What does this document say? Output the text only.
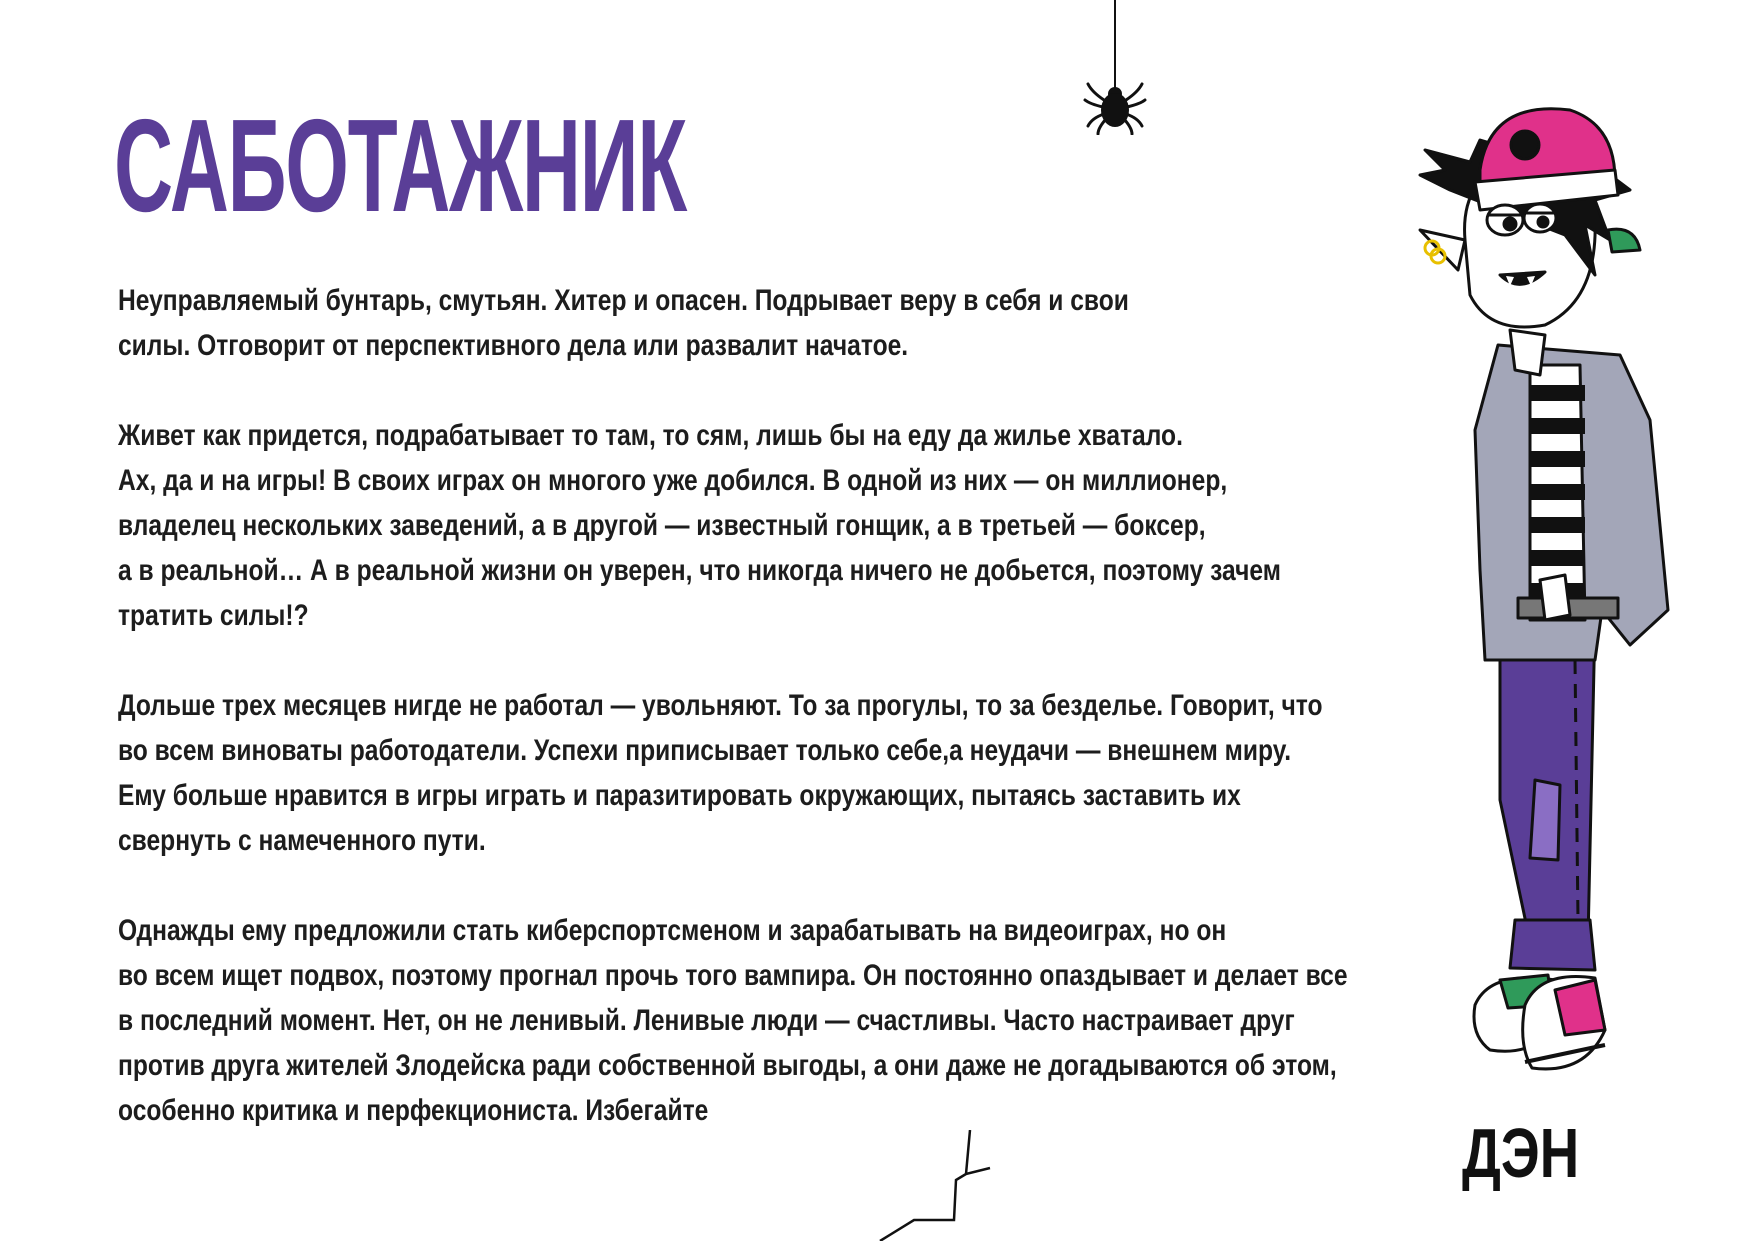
САБОТАЖНИК

Неуправляемый бунтарь, смутьян. Хитер и опасен. Подрывает веру в себя и свои
силы. Отговорит от перспективного дела или развалит начатое.

Живет как придется, подрабатывает то там, то сям, лишь бы на еду да жилье хватало.
Ах, да и на игры! В своих играх он многого уже добился. В одной из них — он миллионер,
владелец нескольких заведений, а в другой — известный гонщик, а в третьей — боксер,
а в реальной… А в реальной жизни он уверен, что никогда ничего не добьется, поэтому зачем
тратить силы!?

Дольше трех месяцев нигде не работал — увольняют. То за прогулы, то за безделье. Говорит, что
во всем виноваты работодатели. Успехи приписывает только себе,а неудачи — внешнем миру.
Ему больше нравится в игры играть и паразитировать окружающих, пытаясь заставить их
свернуть с намеченного пути.

Однажды ему предложили стать киберспортсменом и зарабатывать на видеоиграх, но он
во всем ищет подвох, поэтому прогнал прочь того вампира. Он постоянно опаздывает и делает все
в последний момент. Нет, он не ленивый. Ленивые люди — счастливы. Часто настраивает друг
против друга жителей Злодейска ради собственной выгоды, а они даже не догадываются об этом,
особенно критика и перфекциониста. Избегайте

ДЭН
